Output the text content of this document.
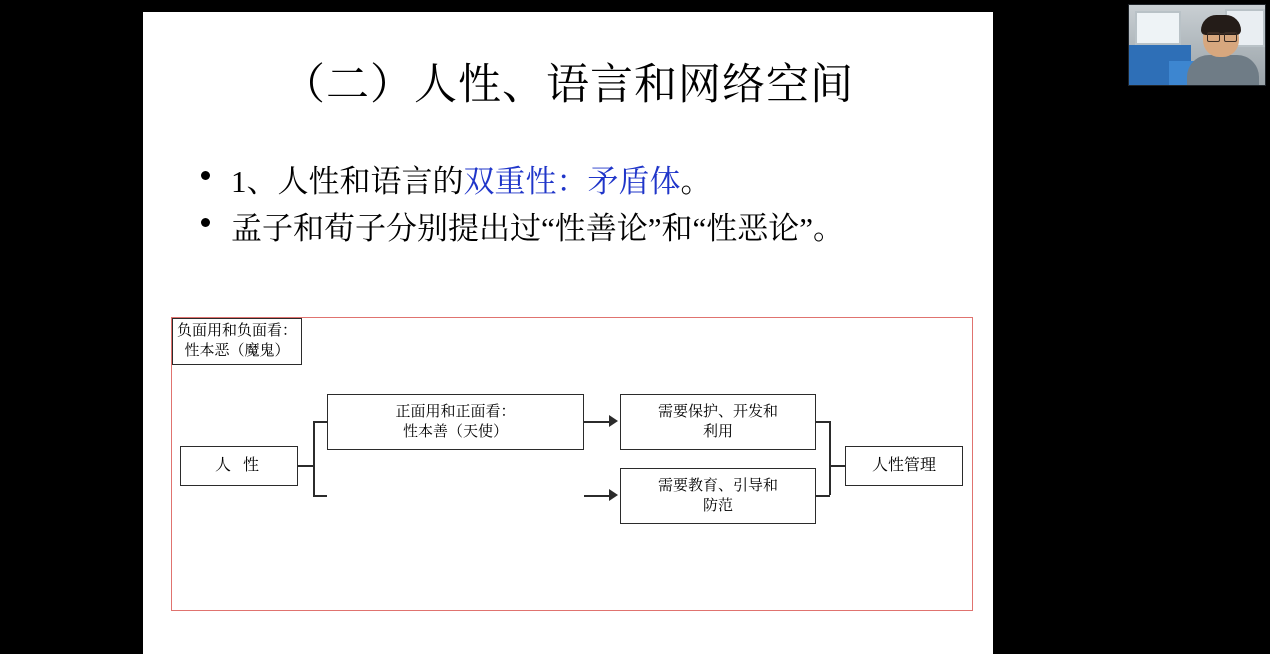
（二）人性、语言和网络空间
1、人性和语言的双重性：矛盾体。
孟子和荀子分别提出过“性善论”和“性恶论”。
人 性
正面用和正面看：
性本善（天使）
负面用和负面看：
性本恶（魔鬼）
需要保护、开发和
利用
需要教育、引导和
防范
人性管理
